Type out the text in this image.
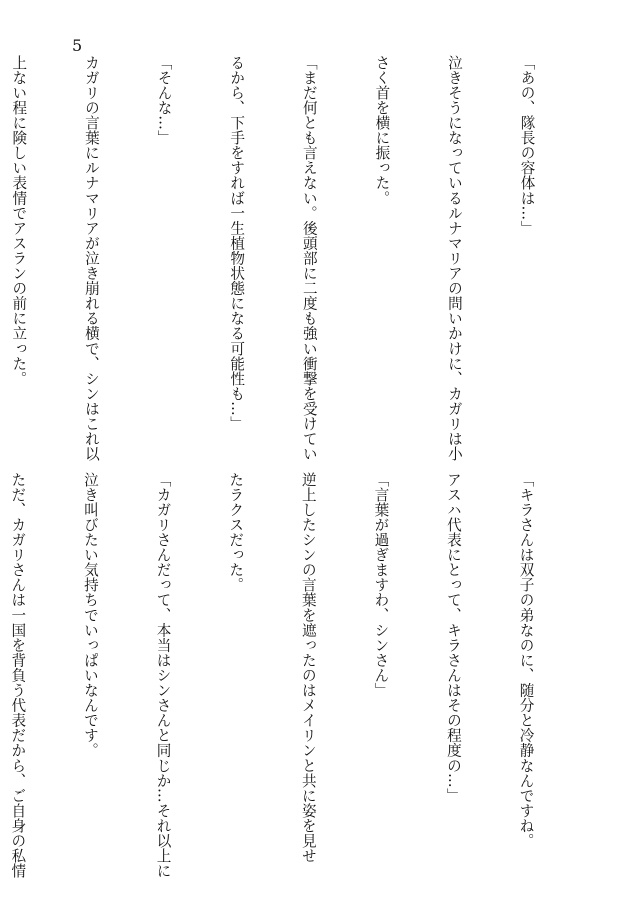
5

「あの、隊長の容体は…」

泣きそうになっているルナマリアの問いかけに、カガリは小

さく首を横に振った。

「まだ何とも言えない。後頭部に二度も強い衝撃を受けてい

るから、下手をすれば一生植物状態になる可能性も…」

「そんな…」

カガリの言葉にルナマリアが泣き崩れる横で、シンはこれ以

上ない程に険しい表情でアスランの前に立った。

「キラさんは双子の弟なのに、随分と冷静なんですね。

アスハ代表にとって、キラさんはその程度の…」

「言葉が過ぎますわ、シンさん」

逆上したシンの言葉を遮ったのはメイリンと共に姿を見せ

たラクスだった。

「カガリさんだって、本当はシンさんと同じか…それ以上に

泣き叫びたい気持ちでいっぱいなんです。

ただ、カガリさんは一国を背負う代表だから、ご自身の私情
